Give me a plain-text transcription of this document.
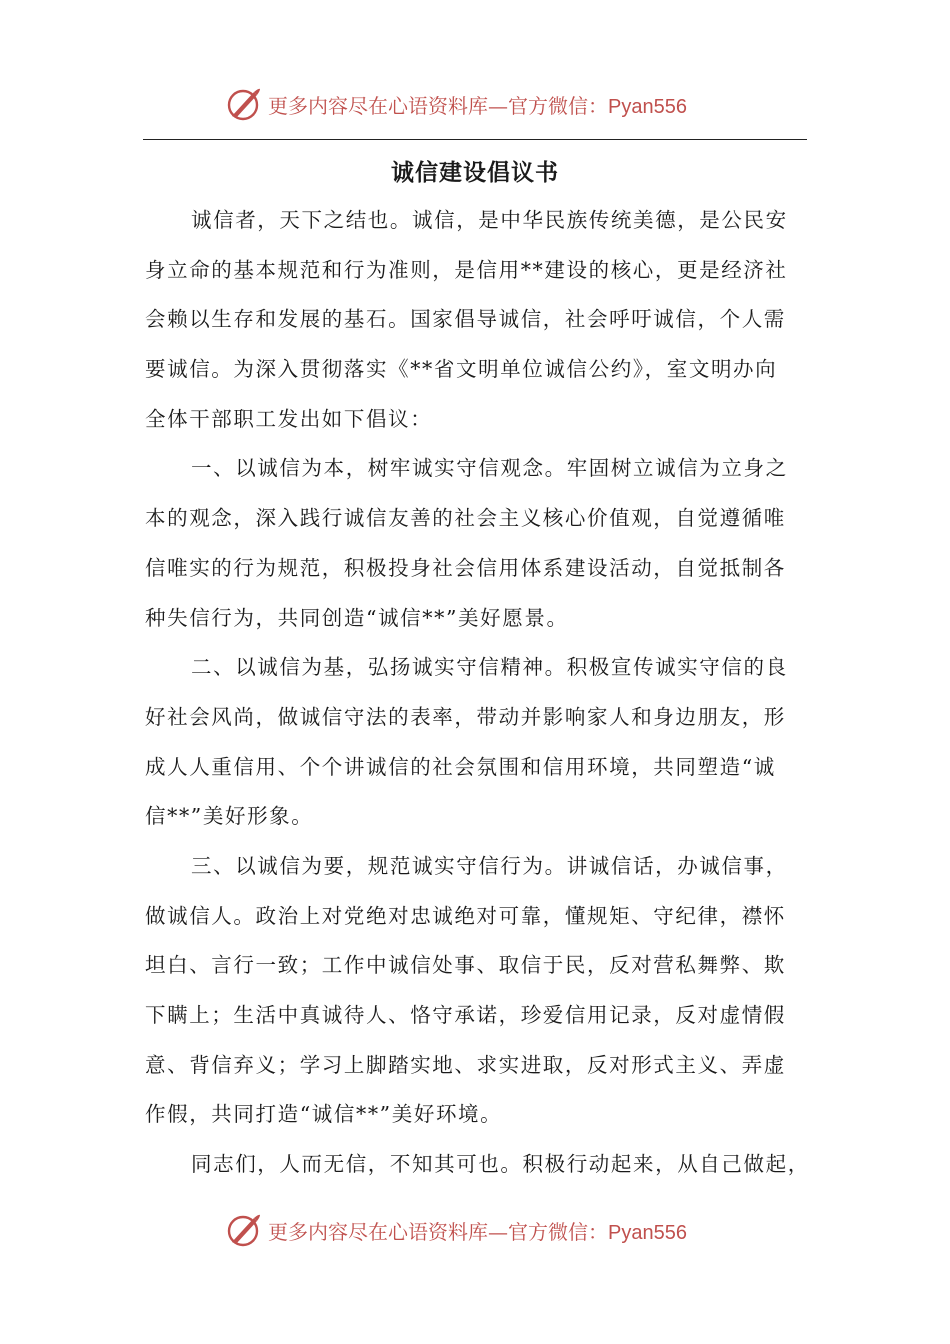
更多内容尽在心语资料库—官方微信：Pyan556
诚信建设倡议书
诚信者，天下之结也。诚信，是中华民族传统美德，是公民安
身立命的基本规范和行为准则，是信用**建设的核心，更是经济社
会赖以生存和发展的基石。国家倡导诚信，社会呼吁诚信，个人需
要诚信。为深入贯彻落实《**省文明单位诚信公约》，室文明办向
全体干部职工发出如下倡议：
一、以诚信为本，树牢诚实守信观念。牢固树立诚信为立身之
本的观念，深入践行诚信友善的社会主义核心价值观，自觉遵循唯
信唯实的行为规范，积极投身社会信用体系建设活动，自觉抵制各
种失信行为，共同创造“诚信**”美好愿景。
二、以诚信为基，弘扬诚实守信精神。积极宣传诚实守信的良
好社会风尚，做诚信守法的表率，带动并影响家人和身边朋友，形
成人人重信用、个个讲诚信的社会氛围和信用环境，共同塑造“诚
信**”美好形象。
三、以诚信为要，规范诚实守信行为。讲诚信话，办诚信事，
做诚信人。政治上对党绝对忠诚绝对可靠，懂规矩、守纪律，襟怀
坦白、言行一致；工作中诚信处事、取信于民，反对营私舞弊、欺
下瞒上；生活中真诚待人、恪守承诺，珍爱信用记录，反对虚情假
意、背信弃义；学习上脚踏实地、求实进取，反对形式主义、弄虚
作假，共同打造“诚信**”美好环境。
同志们，人而无信，不知其可也。积极行动起来，从自己做起，
更多内容尽在心语资料库—官方微信：Pyan556
